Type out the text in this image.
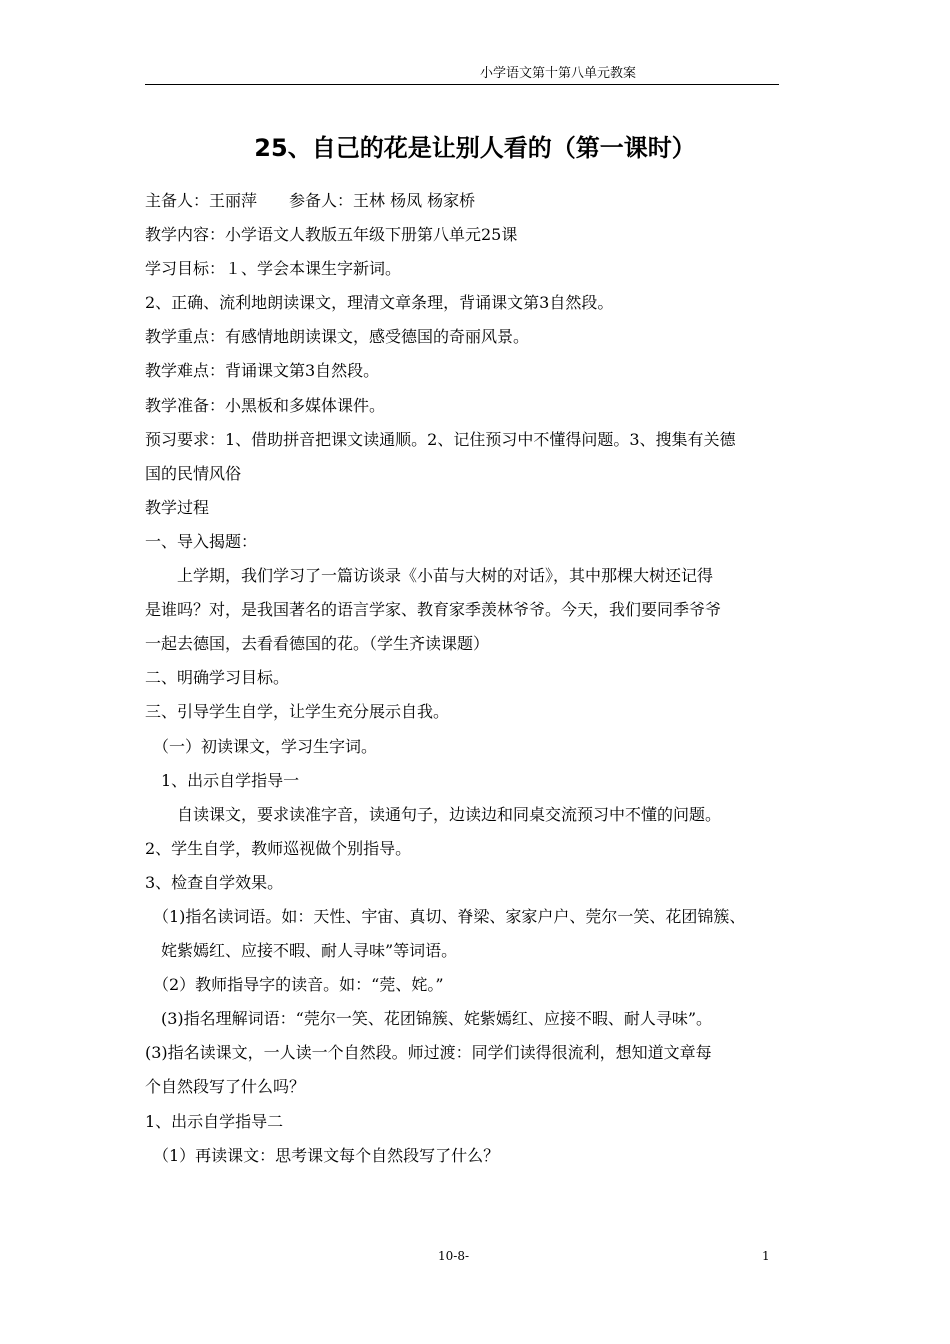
小学语文第十第八单元教案
25、自己的花是让别人看的（第一课时）
主备人：王丽萍　　参备人：王林 杨凤 杨家桥
教学内容：小学语文人教版五年级下册第八单元25课
学习目标：１、学会本课生字新词。
2、正确、流利地朗读课文，理清文章条理，背诵课文第3自然段。
教学重点：有感情地朗读课文，感受德国的奇丽风景。
教学难点：背诵课文第3自然段。
教学准备：小黑板和多媒体课件。
预习要求：1、借助拼音把课文读通顺。2、记住预习中不懂得问题。3、搜集有关德
国的民情风俗
教学过程
一、导入揭题：
　　上学期，我们学习了一篇访谈录《小苗与大树的对话》，其中那棵大树还记得
是谁吗？对，是我国著名的语言学家、教育家季羡林爷爷。今天，我们要同季爷爷
一起去德国，去看看德国的花。（学生齐读课题）
二、明确学习目标。
三、引导学生自学，让学生充分展示自我。
　（一）初读课文，学习生字词。
　1、出示自学指导一
　　自读课文，要求读准字音，读通句子，边读边和同桌交流预习中不懂的问题。
2、学生自学，教师巡视做个别指导。
3、检查自学效果。
　（1)指名读词语。如：天性、宇宙、真切、脊梁、家家户户、莞尔一笑、花团锦簇、
　姹紫嫣红、应接不暇、耐人寻味”等词语。
　（2）教师指导字的读音。如：“莞、姹。”
　(3)指名理解词语：“莞尔一笑、花团锦簇、姹紫嫣红、应接不暇、耐人寻味”。
(3)指名读课文，一人读一个自然段。师过渡：同学们读得很流利，想知道文章每
个自然段写了什么吗？
1、出示自学指导二
　（1）再读课文：思考课文每个自然段写了什么？
10-8-	1
